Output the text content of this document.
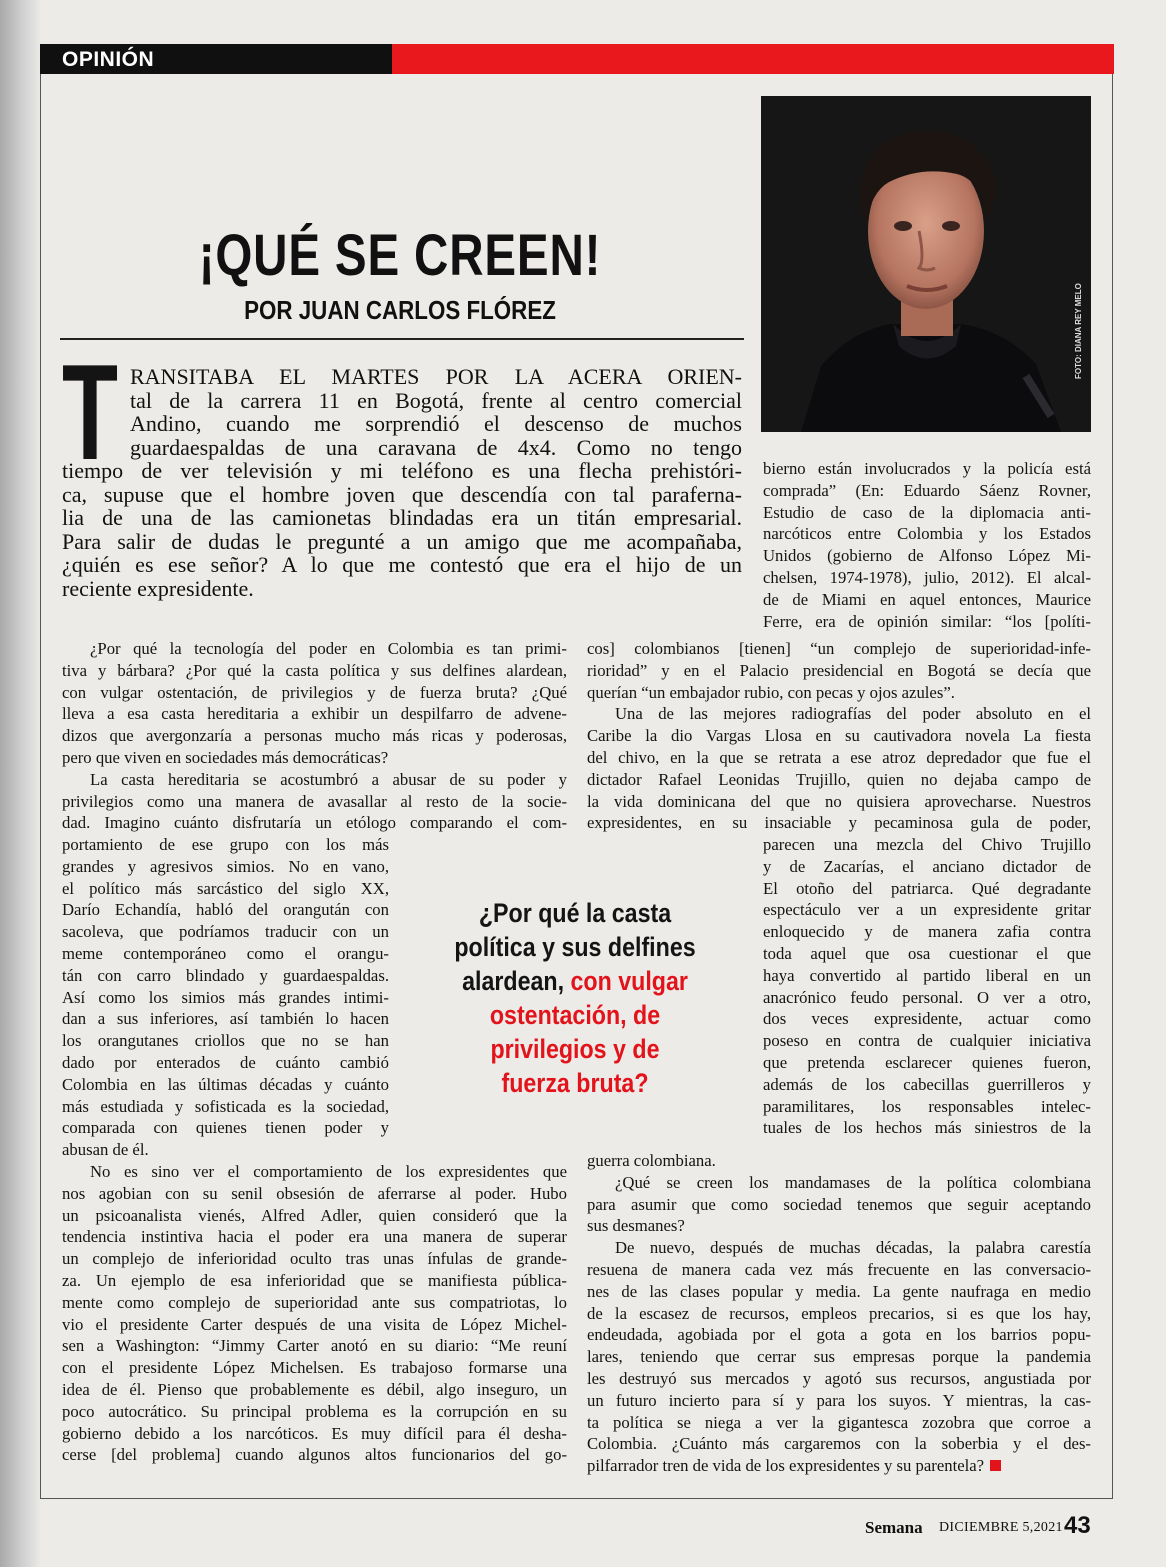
OPINIÓN
FOTO: DIANA REY MELO
¡QUÉ SE CREEN!
POR JUAN CARLOS FLÓREZ
T RANSITABA EL MARTES POR LA ACERA ORIEN-
tal de la carrera 11 en Bogotá, frente al centro comercial
Andino, cuando me sorprendió el descenso de muchos
guardaespaldas de una caravana de 4x4. Como no tengo
tiempo de ver televisión y mi teléfono es una flecha prehistóri-
ca, supuse que el hombre joven que descendía con tal paraferna-
lia de una de las camionetas blindadas era un titán empresarial.
Para salir de dudas le pregunté a un amigo que me acompañaba,
¿quién es ese señor? A lo que me contestó que era el hijo de un
reciente expresidente.
¿Por qué la tecnología del poder en Colombia es tan primi-
tiva y bárbara? ¿Por qué la casta política y sus delfines alardean,
con vulgar ostentación, de privilegios y de fuerza bruta? ¿Qué
lleva a esa casta hereditaria a exhibir un despilfarro de advene-
dizos que avergonzaría a personas mucho más ricas y poderosas,
pero que viven en sociedades más democráticas?
La casta hereditaria se acostumbró a abusar de su poder y
privilegios como una manera de avasallar al resto de la socie-
dad. Imagino cuánto disfrutaría un etólogo comparando el com-
portamiento de ese grupo con los más
grandes y agresivos simios. No en vano,
el político más sarcástico del siglo XX,
Darío Echandía, habló del orangután con
sacoleva, que podríamos traducir con un
meme contemporáneo como el orangu-
tán con carro blindado y guardaespaldas.
Así como los simios más grandes intimi-
dan a sus inferiores, así también lo hacen
los orangutanes criollos que no se han
dado por enterados de cuánto cambió
Colombia en las últimas décadas y cuánto
más estudiada y sofisticada es la sociedad,
comparada con quienes tienen poder y
abusan de él.
No es sino ver el comportamiento de los expresidentes que
nos agobian con su senil obsesión de aferrarse al poder. Hubo
un psicoanalista vienés, Alfred Adler, quien consideró que la
tendencia instintiva hacia el poder era una manera de superar
un complejo de inferioridad oculto tras unas ínfulas de grande-
za. Un ejemplo de esa inferioridad que se manifiesta pública-
mente como complejo de superioridad ante sus compatriotas, lo
vio el presidente Carter después de una visita de López Michel-
sen a Washington: “Jimmy Carter anotó en su diario: “Me reuní
con el presidente López Michelsen. Es trabajoso formarse una
idea de él. Pienso que probablemente es débil, algo inseguro, un
poco autocrático. Su principal problema es la corrupción en su
gobierno debido a los narcóticos. Es muy difícil para él desha-
cerse [del problema] cuando algunos altos funcionarios del go-
bierno están involucrados y la policía está
comprada” (En: Eduardo Sáenz Rovner,
Estudio de caso de la diplomacia anti-
narcóticos entre Colombia y los Estados
Unidos (gobierno de Alfonso López Mi-
chelsen, 1974-1978), julio, 2012). El alcal-
de de Miami en aquel entonces, Maurice
Ferre, era de opinión similar: “los [políti-
cos] colombianos [tienen] “un complejo de superioridad-infe-
rioridad” y en el Palacio presidencial en Bogotá se decía que
querían “un embajador rubio, con pecas y ojos azules”.
Una de las mejores radiografías del poder absoluto en el
Caribe la dio Vargas Llosa en su cautivadora novela La fiesta
del chivo, en la que se retrata a ese atroz depredador que fue el
dictador Rafael Leonidas Trujillo, quien no dejaba campo de
la vida dominicana del que no quisiera aprovecharse. Nuestros
expresidentes, en su insaciable y pecaminosa gula de poder,
parecen una mezcla del Chivo Trujillo
y de Zacarías, el anciano dictador de
El otoño del patriarca. Qué degradante
espectáculo ver a un expresidente gritar
enloquecido y de manera zafia contra
toda aquel que osa cuestionar el que
haya convertido al partido liberal en un
anacrónico feudo personal. O ver a otro,
dos veces expresidente, actuar como
poseso en contra de cualquier iniciativa
que pretenda esclarecer quienes fueron,
además de los cabecillas guerrilleros y
paramilitares, los responsables intelec-
tuales de los hechos más siniestros de la
guerra colombiana.
¿Qué se creen los mandamases de la política colombiana
para asumir que como sociedad tenemos que seguir aceptando
sus desmanes?
De nuevo, después de muchas décadas, la palabra carestía
resuena de manera cada vez más frecuente en las conversacio-
nes de las clases popular y media. La gente naufraga en medio
de la escasez de recursos, empleos precarios, si es que los hay,
endeudada, agobiada por el gota a gota en los barrios popu-
lares, teniendo que cerrar sus empresas porque la pandemia
les destruyó sus mercados y agotó sus recursos, angustiada por
un futuro incierto para sí y para los suyos. Y mientras, la cas-
ta política se niega a ver la gigantesca zozobra que corroe a
Colombia. ¿Cuánto más cargaremos con la soberbia y el des-
pilfarrador tren de vida de los expresidentes y su parentela?
¿Por qué la casta
política y sus delfines
alardean, con vulgar
ostentación, de
privilegios y de
fuerza bruta?
Semana DICIEMBRE 5,2021 43
